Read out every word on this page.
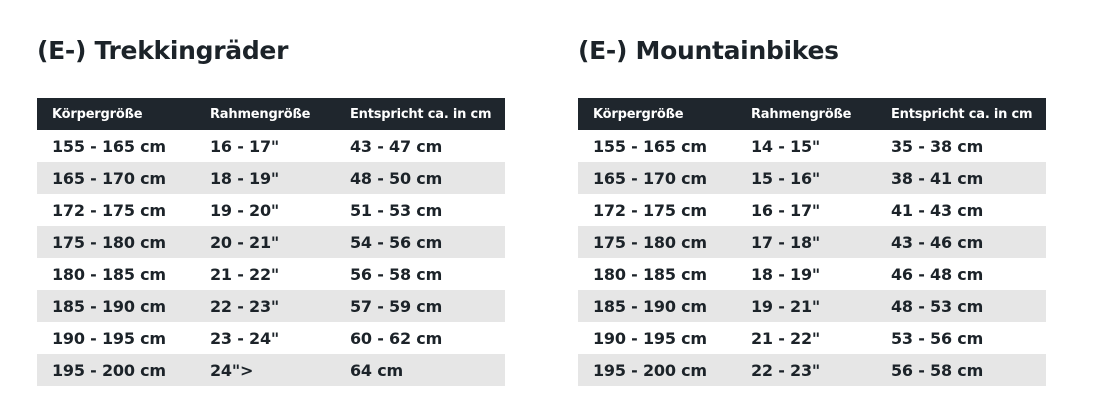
(E-) Trekkingräder
Körpergröße	Rahmengröße	Entspricht ca. in cm
155 - 165 cm	16 - 17"	43 - 47 cm
165 - 170 cm	18 - 19"	48 - 50 cm
172 - 175 cm	19 - 20"	51 - 53 cm
175 - 180 cm	20 - 21"	54 - 56 cm
180 - 185 cm	21 - 22"	56 - 58 cm
185 - 190 cm	22 - 23"	57 - 59 cm
190 - 195 cm	23 - 24"	60 - 62 cm
195 - 200 cm	24">	64 cm
(E-) Mountainbikes
Körpergröße	Rahmengröße	Entspricht ca. in cm
155 - 165 cm	14 - 15"	35 - 38 cm
165 - 170 cm	15 - 16"	38 - 41 cm
172 - 175 cm	16 - 17"	41 - 43 cm
175 - 180 cm	17 - 18"	43 - 46 cm
180 - 185 cm	18 - 19"	46 - 48 cm
185 - 190 cm	19 - 21"	48 - 53 cm
190 - 195 cm	21 - 22"	53 - 56 cm
195 - 200 cm	22 - 23"	56 - 58 cm
